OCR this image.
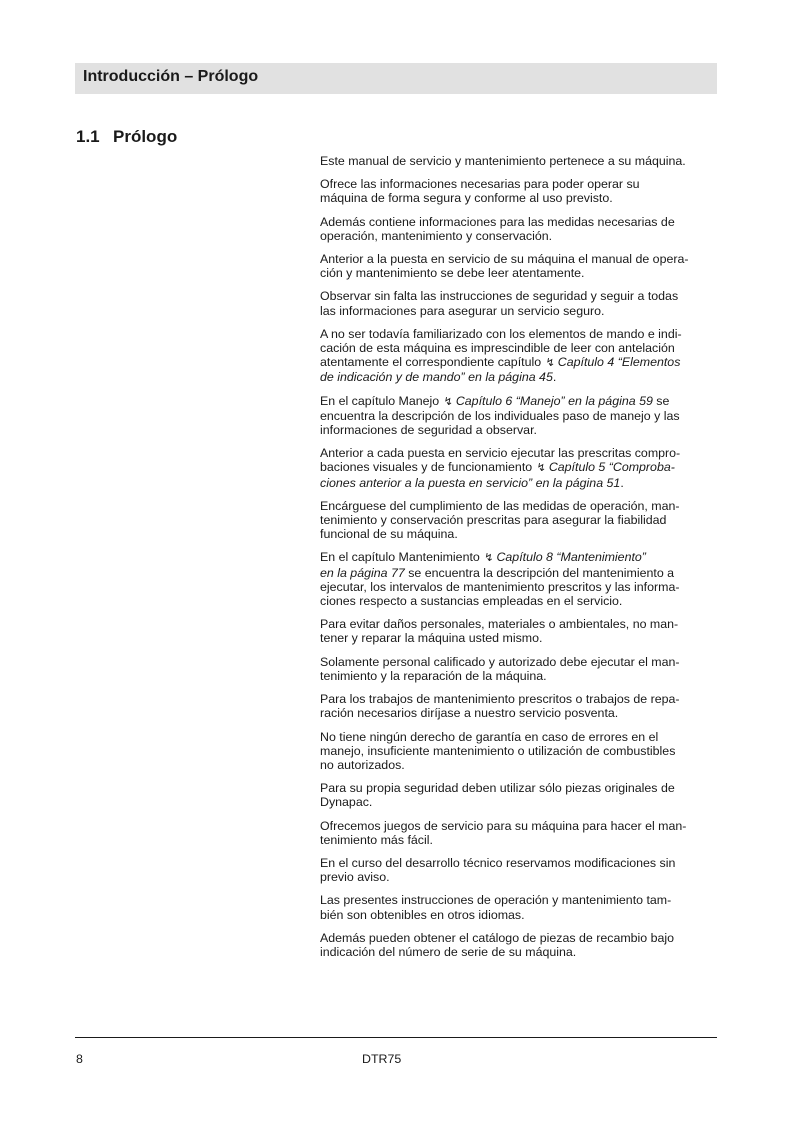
Introducción – Prólogo
1.1 Prólogo
Este manual de servicio y mantenimiento pertenece a su máquina.
Ofrece las informaciones necesarias para poder operar su
máquina de forma segura y conforme al uso previsto.
Además contiene informaciones para las medidas necesarias de
operación, mantenimiento y conservación.
Anterior a la puesta en servicio de su máquina el manual de opera-
ción y mantenimiento se debe leer atentamente.
Observar sin falta las instrucciones de seguridad y seguir a todas
las informaciones para asegurar un servicio seguro.
A no ser todavía familiarizado con los elementos de mando e indi-
cación de esta máquina es imprescindible de leer con antelación
atentamente el correspondiente capítulo ↯ Capítulo 4 “Elementos
de indicación y de mando” en la página 45.
En el capítulo Manejo ↯ Capítulo 6 “Manejo” en la página 59 se
encuentra la descripción de los individuales paso de manejo y las
informaciones de seguridad a observar.
Anterior a cada puesta en servicio ejecutar las prescritas compro-
baciones visuales y de funcionamiento ↯ Capítulo 5 “Comproba-
ciones anterior a la puesta en servicio” en la página 51.
Encárguese del cumplimiento de las medidas de operación, man-
tenimiento y conservación prescritas para asegurar la fiabilidad
funcional de su máquina.
En el capítulo Mantenimiento ↯ Capítulo 8 “Mantenimiento”
en la página 77 se encuentra la descripción del mantenimiento a
ejecutar, los intervalos de mantenimiento prescritos y las informa-
ciones respecto a sustancias empleadas en el servicio.
Para evitar daños personales, materiales o ambientales, no man-
tener y reparar la máquina usted mismo.
Solamente personal calificado y autorizado debe ejecutar el man-
tenimiento y la reparación de la máquina.
Para los trabajos de mantenimiento prescritos o trabajos de repa-
ración necesarios diríjase a nuestro servicio posventa.
No tiene ningún derecho de garantía en caso de errores en el
manejo, insuficiente mantenimiento o utilización de combustibles
no autorizados.
Para su propia seguridad deben utilizar sólo piezas originales de
Dynapac.
Ofrecemos juegos de servicio para su máquina para hacer el man-
tenimiento más fácil.
En el curso del desarrollo técnico reservamos modificaciones sin
previo aviso.
Las presentes instrucciones de operación y mantenimiento tam-
bién son obtenibles en otros idiomas.
Además pueden obtener el catálogo de piezas de recambio bajo
indicación del número de serie de su máquina.
8	DTR75
